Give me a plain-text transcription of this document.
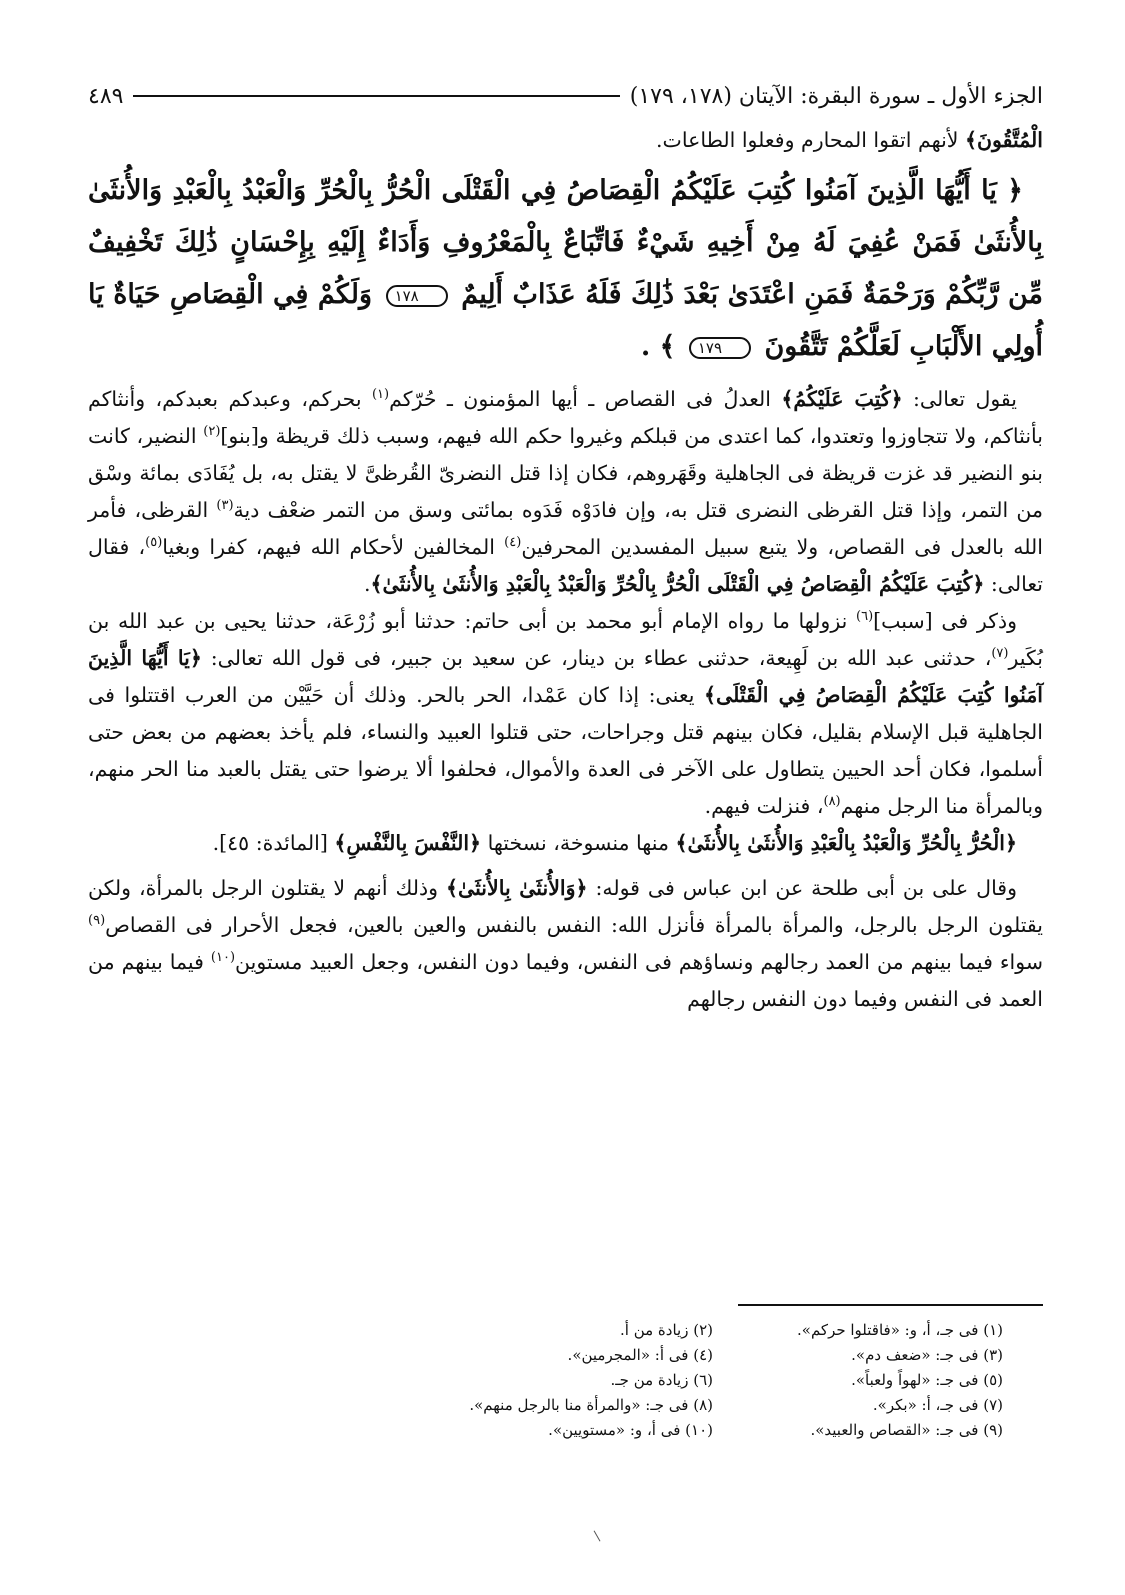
الجزء الأول ـ سورة البقرة: الآيتان (١٧٨، ١٧٩)
٤٨٩

الْمُتَّقُونَ﴾ لأنهم اتقوا المحارم وفعلوا الطاعات.

﴿ يَا أَيُّهَا الَّذِينَ آمَنُوا كُتِبَ عَلَيْكُمُ الْقِصَاصُ فِي الْقَتْلَى الْحُرُّ بِالْحُرِّ وَالْعَبْدُ بِالْعَبْدِ وَالأُنثَىٰ بِالأُنثَىٰ فَمَنْ عُفِيَ لَهُ مِنْ أَخِيهِ شَيْءٌ فَاتِّبَاعٌ بِالْمَعْرُوفِ وَأَدَاءٌ إِلَيْهِ بِإِحْسَانٍ ذَٰلِكَ تَخْفِيفٌ مِّن رَّبِّكُمْ وَرَحْمَةٌ فَمَنِ اعْتَدَىٰ بَعْدَ ذَٰلِكَ فَلَهُ عَذَابٌ أَلِيمٌ ١٧٨ وَلَكُمْ فِي الْقِصَاصِ حَيَاةٌ يَا أُولِي الأَلْبَابِ لَعَلَّكُمْ تَتَّقُونَ ١٧٩ ﴾ .

يقول تعالى: ﴿كُتِبَ عَلَيْكُمُ﴾ العدلُ فى القصاص ـ أيها المؤمنون ـ حُرّكم$^{(١)}$ بحركم، وعبدكم بعبدكم، وأنثاكم بأنثاكم، ولا تتجاوزوا وتعتدوا، كما اعتدى من قبلكم وغيروا حكم الله فيهم، وسبب ذلك قريظة و[بنو]$^{(٢)}$ النضير، كانت بنو النضير قد غزت قريظة فى الجاهلية وقَهَروهم، فكان إذا قتل النضرىّ القُرظىَّ لا يقتل به، بل يُفَادَى بمائة وسْق من التمر، وإذا قتل القرظى النضرى قتل به، وإن فادَوْه فَدَوه بمائتى وسق من التمر ضعْف دية$^{(٣)}$ القرظى، فأمر الله بالعدل فى القصاص، ولا يتبع سبيل المفسدين المحرفين$^{(٤)}$ المخالفين لأحكام الله فيهم، كفرا وبغيا$^{(٥)}$، فقال تعالى: ﴿كُتِبَ عَلَيْكُمُ الْقِصَاصُ فِي الْقَتْلَى الْحُرُّ بِالْحُرِّ وَالْعَبْدُ بِالْعَبْدِ وَالأُنثَىٰ بِالأُنثَىٰ﴾.

وذكر فى [سبب]$^{(٦)}$ نزولها ما رواه الإمام أبو محمد بن أبى حاتم: حدثنا أبو زُرْعَة، حدثنا يحيى بن عبد الله بن بُكَير$^{(٧)}$، حدثنى عبد الله بن لَهِيعة، حدثنى عطاء بن دينار، عن سعيد بن جبير، فى قول الله تعالى: ﴿يَا أَيُّهَا الَّذِينَ آمَنُوا كُتِبَ عَلَيْكُمُ الْقِصَاصُ فِي الْقَتْلَى﴾ يعنى: إذا كان عَمْدا، الحر بالحر. وذلك أن حَيَّيْن من العرب اقتتلوا فى الجاهلية قبل الإسلام بقليل، فكان بينهم قتل وجراحات، حتى قتلوا العبيد والنساء، فلم يأخذ بعضهم من بعض حتى أسلموا، فكان أحد الحيين يتطاول على الآخر فى العدة والأموال، فحلفوا ألا يرضوا حتى يقتل بالعبد منا الحر منهم، وبالمرأة منا الرجل منهم$^{(٨)}$، فنزلت فيهم.

﴿الْحُرُّ بِالْحُرِّ وَالْعَبْدُ بِالْعَبْدِ وَالأُنثَىٰ بِالأُنثَىٰ﴾ منها منسوخة، نسختها ﴿النَّفْسَ بِالنَّفْسِ﴾ [المائدة: ٤٥].

وقال على بن أبى طلحة عن ابن عباس فى قوله: ﴿وَالأُنثَىٰ بِالأُنثَىٰ﴾ وذلك أنهم لا يقتلون الرجل بالمرأة، ولكن يقتلون الرجل بالرجل، والمرأة بالمرأة فأنزل الله: النفس بالنفس والعين بالعين، فجعل الأحرار فى القصاص$^{(٩)}$ سواء فيما بينهم من العمد رجالهم ونساؤهم فى النفس، وفيما دون النفس، وجعل العبيد مستوين$^{(١٠)}$ فيما بينهم من العمد فى النفس وفيما دون النفس رجالهم

(١) فى جـ، أ، و: «فاقتلوا حركم».
(٢) زيادة من أ.
(٣) فى جـ: «ضعف دم».
(٤) فى أ: «المجرمين».
(٥) فى جـ: «لهواً ولعباً».
(٦) زيادة من جـ.
(٧) فى جـ، أ: «بكر».
(٨) فى جـ: «والمرأة منا بالرجل منهم».
(٩) فى جـ: «القصاص والعبيد».
(١٠) فى أ، و: «مستويين».
